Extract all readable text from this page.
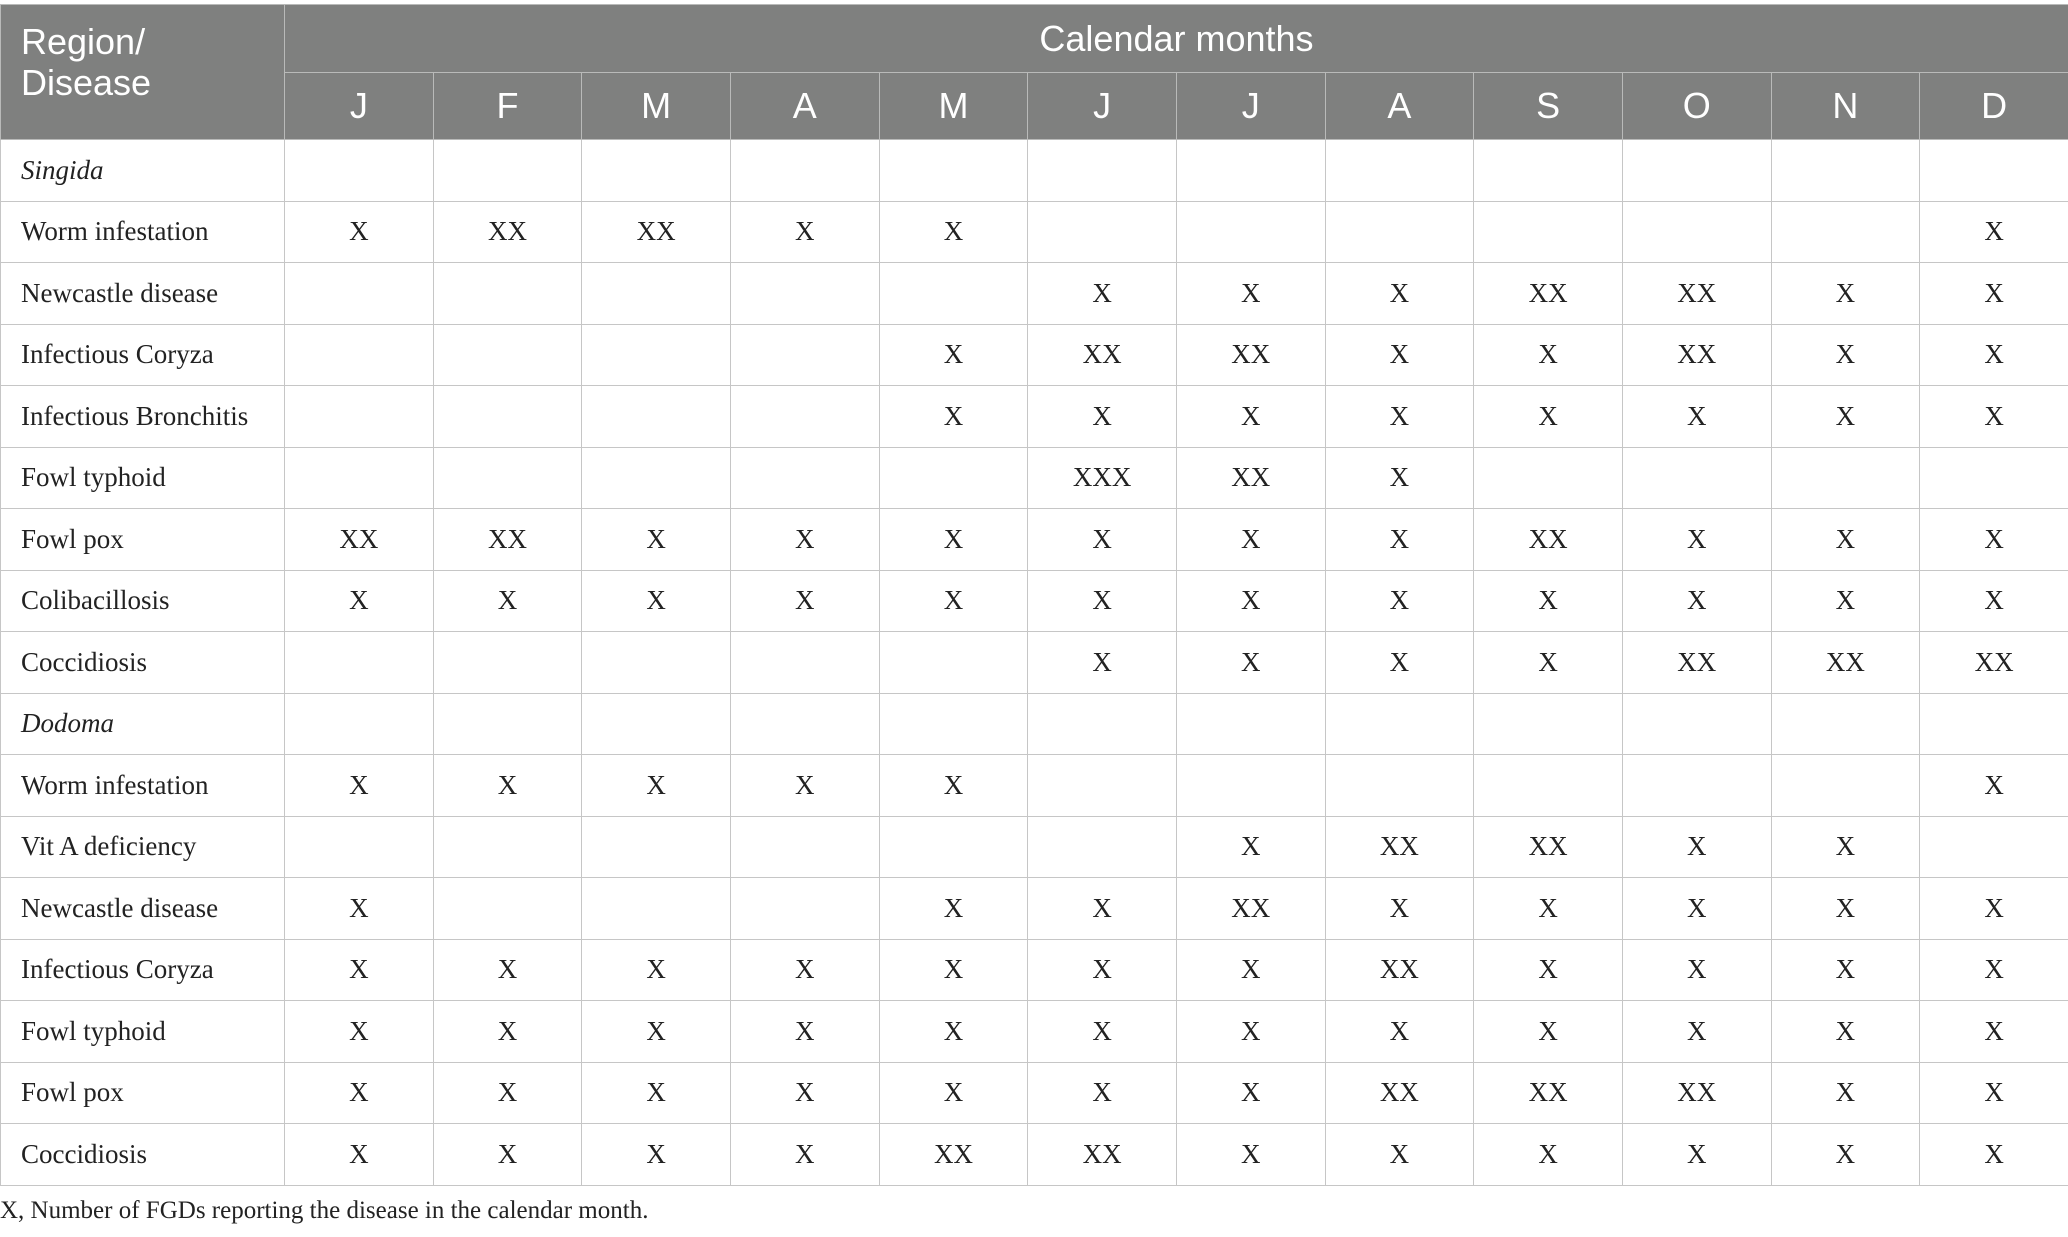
Region/ Disease	Calendar months											
	J	F	M	A	M	J	J	A	S	O	N	D
Singida												
Worm infestation	X	XX	XX	X	X							X
Newcastle disease						X	X	X	XX	XX	X	X
Infectious Coryza					X	XX	XX	X	X	XX	X	X
Infectious Bronchitis					X	X	X	X	X	X	X	X
Fowl typhoid						XXX	XX	X				
Fowl pox	XX	XX	X	X	X	X	X	X	XX	X	X	X
Colibacillosis	X	X	X	X	X	X	X	X	X	X	X	X
Coccidiosis						X	X	X	X	XX	XX	XX
Dodoma												
Worm infestation	X	X	X	X	X							X
Vit A deficiency							X	XX	XX	X	X	
Newcastle disease	X				X	X	XX	X	X	X	X	X
Infectious Coryza	X	X	X	X	X	X	X	XX	X	X	X	X
Fowl typhoid	X	X	X	X	X	X	X	X	X	X	X	X
Fowl pox	X	X	X	X	X	X	X	XX	XX	XX	X	X
Coccidiosis	X	X	X	X	XX	XX	X	X	X	X	X	X
X, Number of FGDs reporting the disease in the calendar month.
